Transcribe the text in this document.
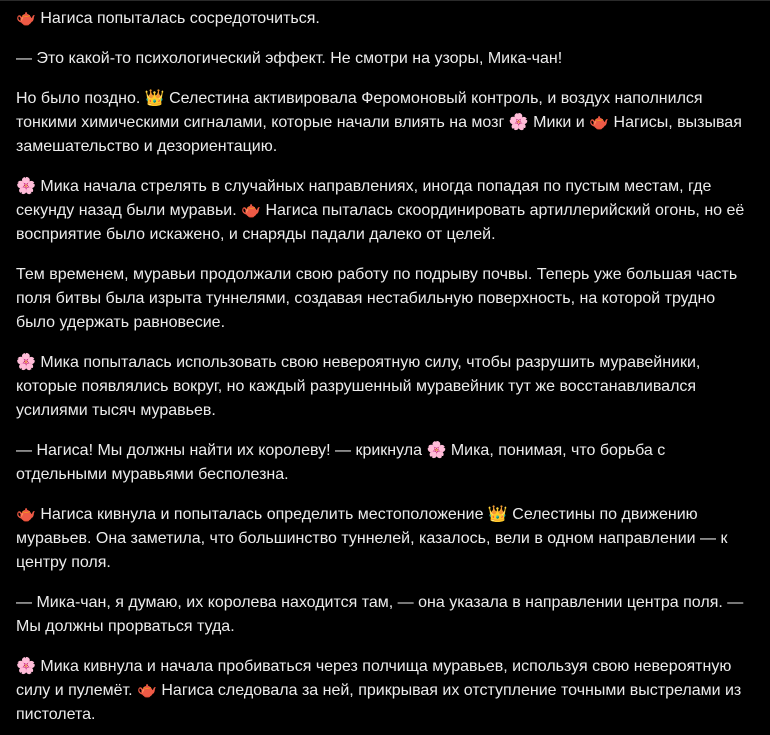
🫖 Нагиса попыталась сосредоточиться.

— Это какой-то психологический эффект. Не смотри на узоры, Мика-чан!

Но было поздно. 👑 Селестина активировала Феромоновый контроль, и воздух наполнился тонкими химическими сигналами, которые начали влиять на мозг 🌸 Мики и 🫖 Нагисы, вызывая замешательство и дезориентацию.

🌸 Мика начала стрелять в случайных направлениях, иногда попадая по пустым местам, где секунду назад были муравьи. 🫖 Нагиса пыталась скоординировать артиллерийский огонь, но её восприятие было искажено, и снаряды падали далеко от целей.

Тем временем, муравьи продолжали свою работу по подрыву почвы. Теперь уже большая часть поля битвы была изрыта туннелями, создавая нестабильную поверхность, на которой трудно было удержать равновесие.

🌸 Мика попыталась использовать свою невероятную силу, чтобы разрушить муравейники, которые появлялись вокруг, но каждый разрушенный муравейник тут же восстанавливался усилиями тысяч муравьев.

— Нагиса! Мы должны найти их королеву! — крикнула 🌸 Мика, понимая, что борьба с отдельными муравьями бесполезна.

🫖 Нагиса кивнула и попыталась определить местоположение 👑 Селестины по движению муравьев. Она заметила, что большинство туннелей, казалось, вели в одном направлении — к центру поля.

— Мика-чан, я думаю, их королева находится там, — она указала в направлении центра поля. — Мы должны прорваться туда.

🌸 Мика кивнула и начала пробиваться через полчища муравьев, используя свою невероятную силу и пулемёт. 🫖 Нагиса следовала за ней, прикрывая их отступление точными выстрелами из пистолета.
